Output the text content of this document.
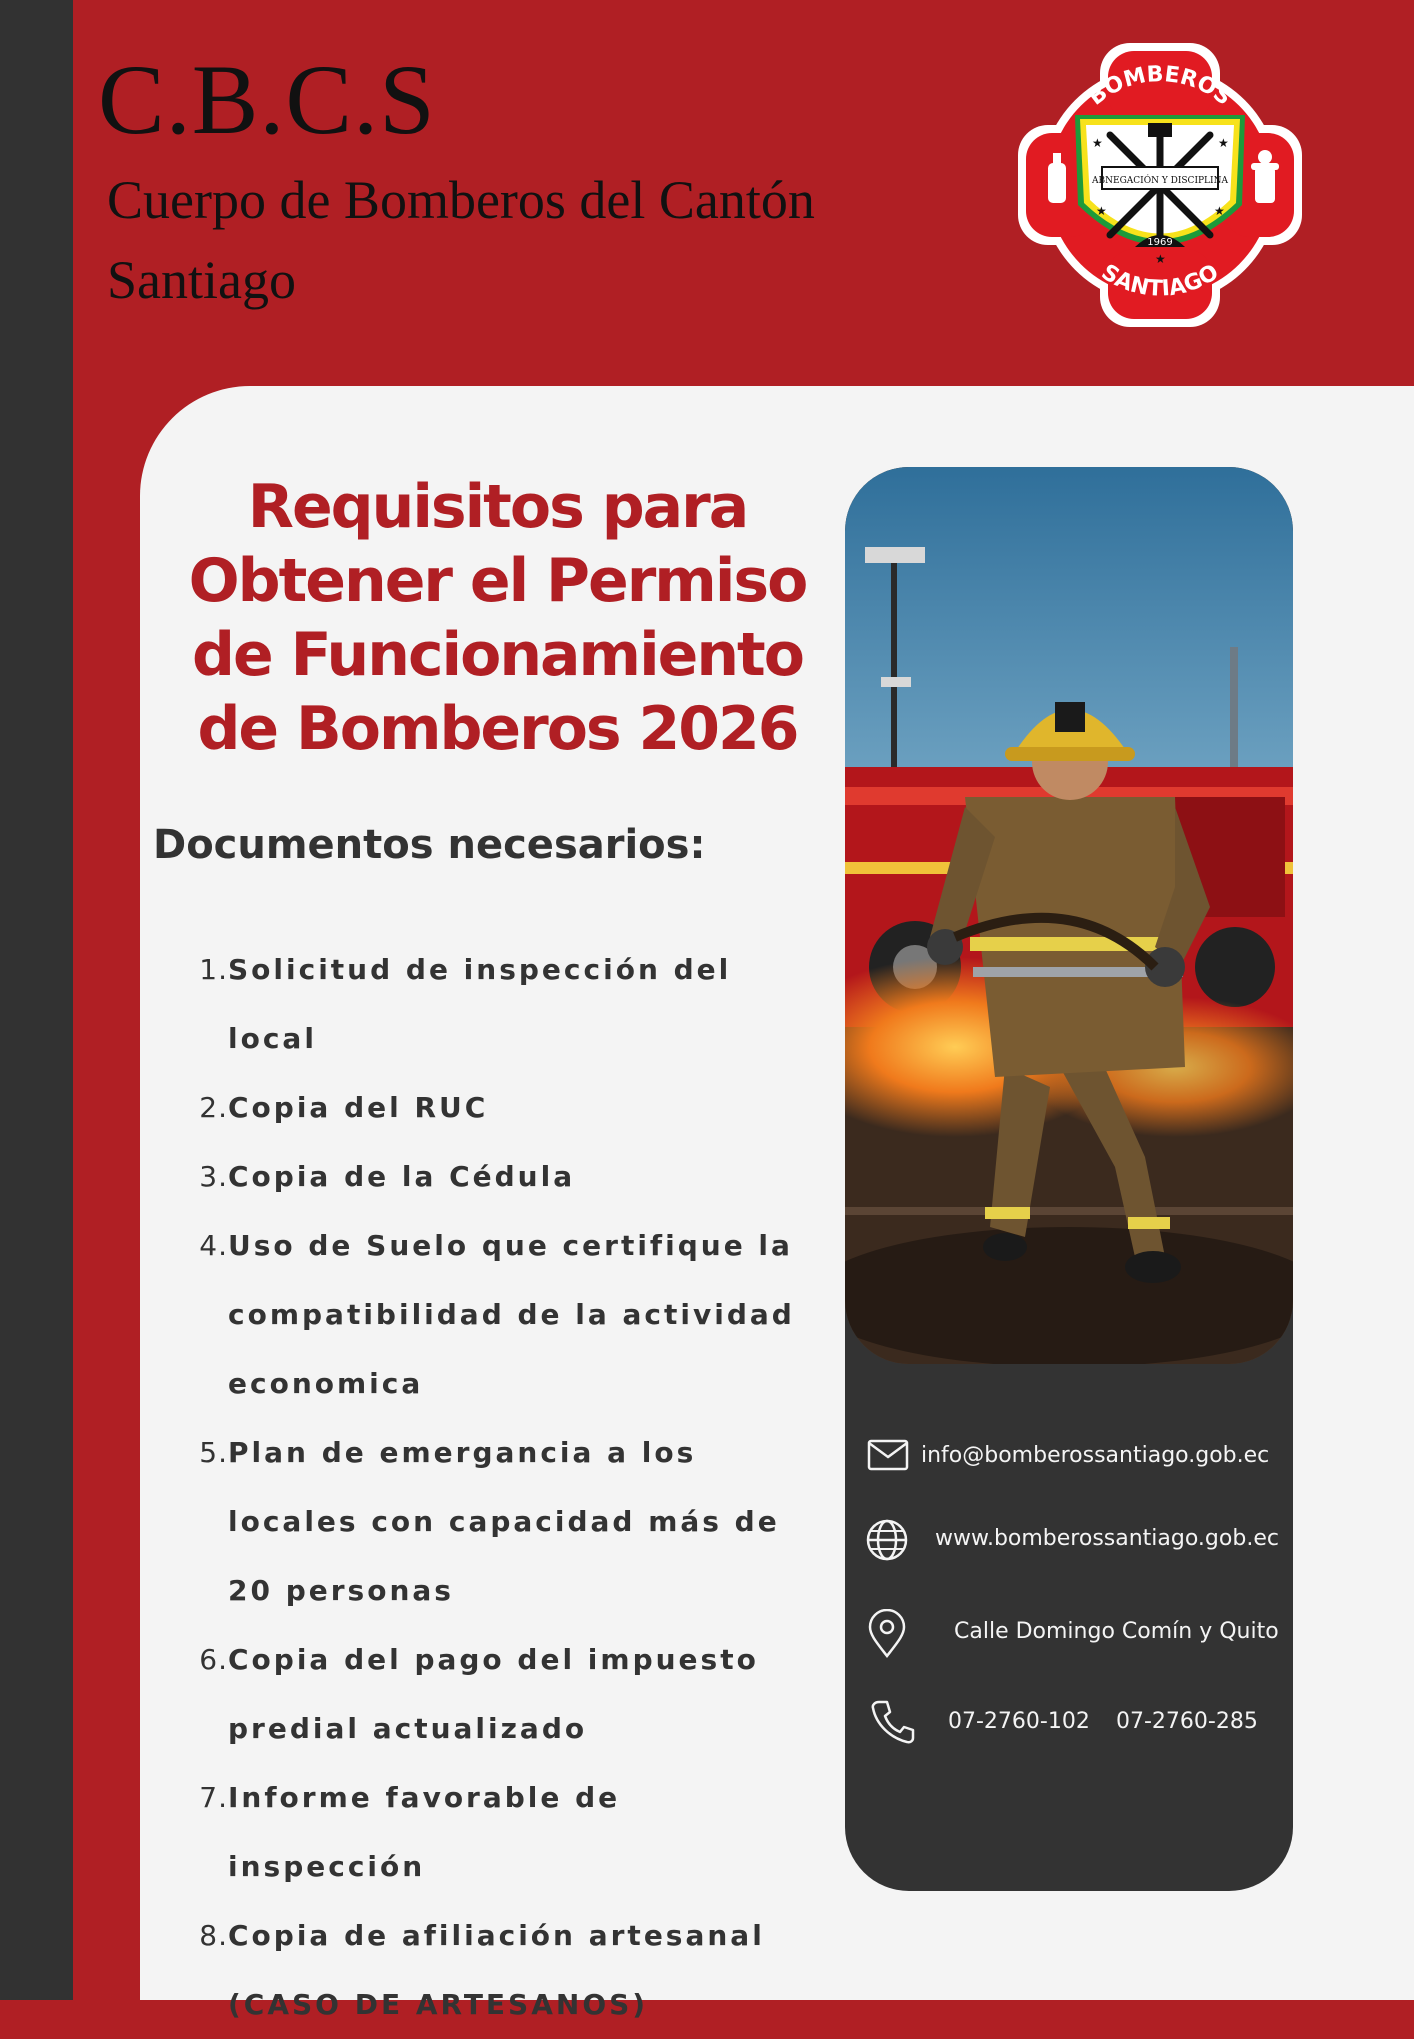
C.B.C.S

Cuerpo de Bomberos del Cantón Santiago

BOMBEROS
ABNEGACIÓN Y DISCIPLINA
1969
★	★
★	★
★
SANTIAGO
Requisitos para Obtener el Permiso de Funcionamiento de Bomberos 2026
Documentos necesarios:
1. Solicitud de inspección del local
2. Copia del RUC
3. Copia de la Cédula
4. Uso de Suelo que certifique la compatibilidad de la actividad economica
5. Plan de emergancia a los locales con capacidad más de 20 personas
6. Copia del pago del impuesto predial actualizado
7. Informe favorable de inspección
8. Copia de afiliación artesanal (CASO DE ARTESANOS)
info@bomberossantiago.gob.ec
www.bomberossantiago.gob.ec
Calle Domingo Comín y Quito
07-2760-102 07-2760-285
